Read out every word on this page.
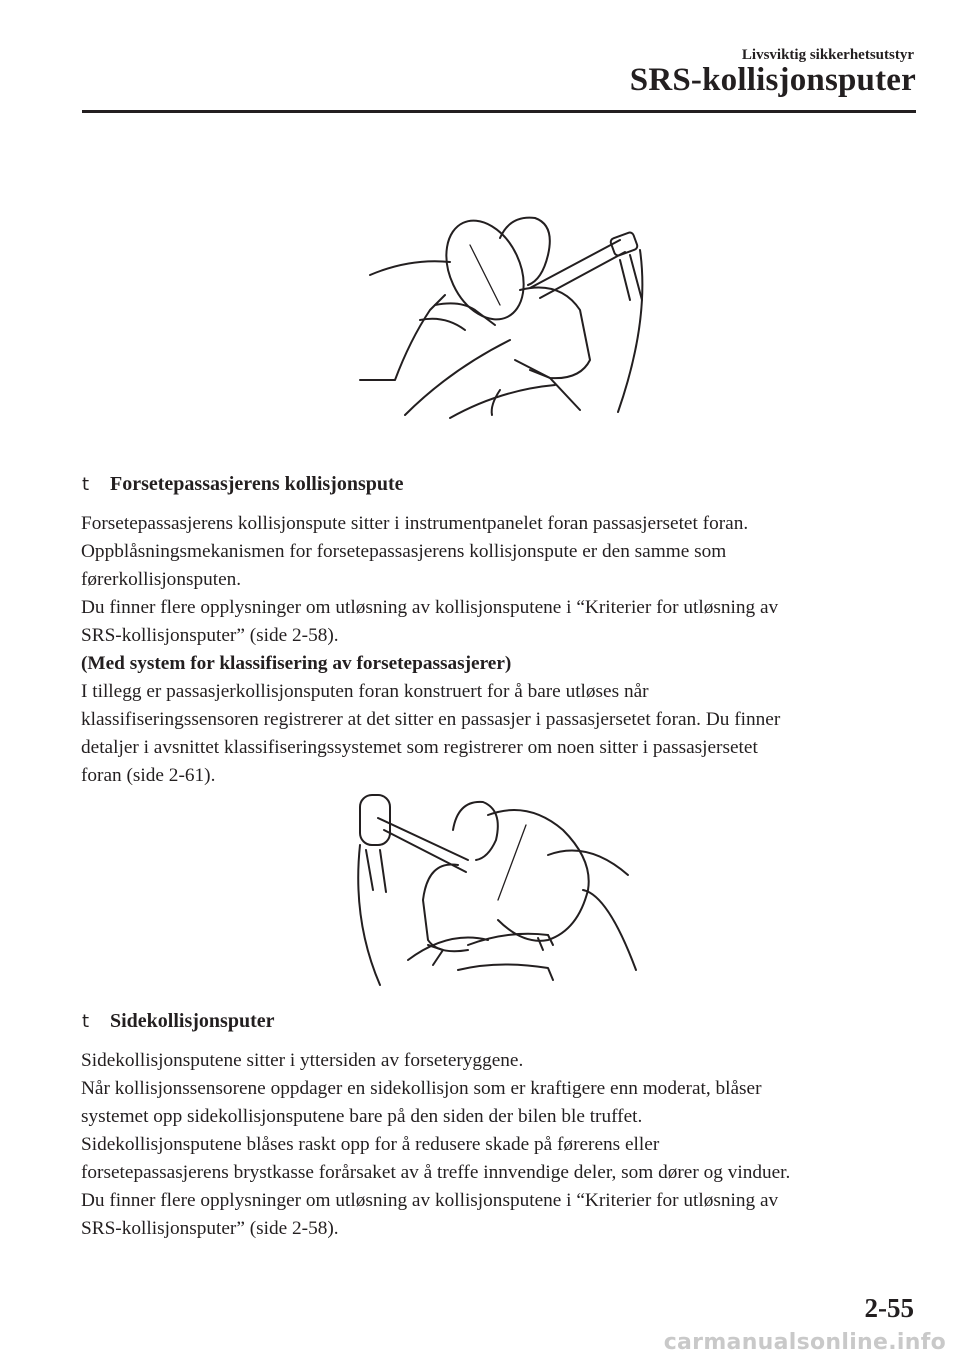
Livsviktig sikkerhetsutstyr
SRS-kollisjonsputer
t Forsetepassasjerens kollisjonspute
Forsetepassasjerens kollisjonspute sitter i instrumentpanelet foran passasjersetet foran.
Oppblåsningsmekanismen for forsetepassasjerens kollisjonspute er den samme som
førerkollisjonsputen.
Du finner flere opplysninger om utløsning av kollisjonsputene i “Kriterier for utløsning av
SRS-kollisjonsputer” (side 2-58).
(Med system for klassifisering av forsetepassasjerer)
I tillegg er passasjerkollisjonsputen foran konstruert for å bare utløses når
klassifiseringssensoren registrerer at det sitter en passasjer i passasjersetet foran. Du finner
detaljer i avsnittet klassifiseringssystemet som registrerer om noen sitter i passasjersetet
foran (side 2-61).
t Sidekollisjonsputer
Sidekollisjonsputene sitter i yttersiden av forseteryggene.
Når kollisjonssensorene oppdager en sidekollisjon som er kraftigere enn moderat, blåser
systemet opp sidekollisjonsputene bare på den siden der bilen ble truffet.
Sidekollisjonsputene blåses raskt opp for å redusere skade på førerens eller
forsetepassasjerens brystkasse forårsaket av å treffe innvendige deler, som dører og vinduer.
Du finner flere opplysninger om utløsning av kollisjonsputene i “Kriterier for utløsning av
SRS-kollisjonsputer” (side 2-58).
2-55
carmanualsonline.info
